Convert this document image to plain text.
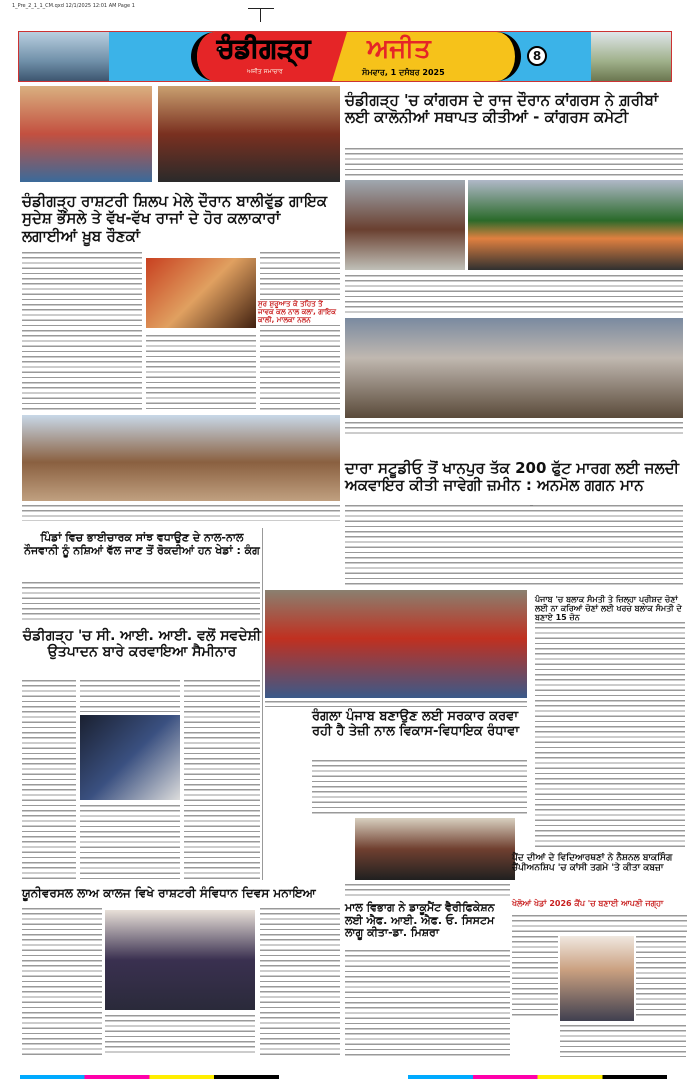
1_Pre_2_1_1_CM.qxd 12/1/2025 12:01 AM Page 1
ਚੰਡੀਗੜ੍ਹ ਅਜੀਤ
ਅਜੀਤ ਸਮਾਚਾਰ	ਸੋਮਵਾਰ, 1 ਦਸੰਬਰ 2025
8
ਚੰਡੀਗੜ੍ਹ ਰਾਸ਼ਟਰੀ ਸ਼ਿਲਪ ਮੇਲੇ ਦੌਰਾਨ ਬਾਲੀਵੁੱਡ ਗਾਇਕ ਸੁਦੇਸ਼ ਭੌਂਸਲੇ ਤੇ ਵੱਖ-ਵੱਖ ਰਾਜਾਂ ਦੇ ਹੋਰ ਕਲਾਕਾਰਾਂ ਲਗਾਈਆਂ ਖ਼ੂਬ ਰੌਣਕਾਂ
ਸੁਰ ਸ਼ੁਰੂਆਤ ਕੇ ਤਹਿਤ ਤੋਂ ਜਾਵਕ ਕਲ ਨਾਲ ਕਲਾ, ਗਾਇਕ ਕਾਲੀ, ਮਾਲਕਾ ਨਲਨ
ਪਿੰਡਾਂ ਵਿਚ ਭਾਈਚਾਰਕ ਸਾਂਝ ਵਧਾਉਣ ਦੇ ਨਾਲ-ਨਾਲ ਨੌਜਵਾਨੀ ਨੂੰ ਨਸ਼ਿਆਂ ਵੱਲ ਜਾਣ ਤੋਂ ਰੋਕਦੀਆਂ ਹਨ ਖੇਡਾਂ : ਕੰਗ
ਚੰਡੀਗੜ੍ਹ 'ਚ ਸੀ. ਆਈ. ਆਈ. ਵਲੋਂ ਸਵਦੇਸ਼ੀ ਉਤਪਾਦਨ ਬਾਰੇ ਕਰਵਾਇਆ ਸੈਮੀਨਾਰ
ਯੂਨੀਵਰਸਲ ਲਾਅ ਕਾਲਜ ਵਿਖੇ ਰਾਸ਼ਟਰੀ ਸੰਵਿਧਾਨ ਦਿਵਸ ਮਨਾਇਆ
ਚੰਡੀਗੜ੍ਹ 'ਚ ਕਾਂਗਰਸ ਦੇ ਰਾਜ ਦੌਰਾਨ ਕਾਂਗਰਸ ਨੇ ਗ਼ਰੀਬਾਂ ਲਈ ਕਾਲੋਨੀਆਂ ਸਥਾਪਤ ਕੀਤੀਆਂ - ਕਾਂਗਰਸ ਕਮੇਟੀ
ਦਾਰਾ ਸਟੂਡੀਓ ਤੋਂ ਖਾਨਪੁਰ ਤੱਕ 200 ਫੁੱਟ ਮਾਰਗ ਲਈ ਜਲਦੀ ਅਕਵਾਇਰ ਕੀਤੀ ਜਾਵੇਗੀ ਜ਼ਮੀਨ : ਅਨਮੋਲ ਗਗਨ ਮਾਨ
ਰੰਗਲਾ ਪੰਜਾਬ ਬਣਾਉਣ ਲਈ ਸਰਕਾਰ ਕਰਵਾ ਰਹੀ ਹੈ ਤੇਜ਼ੀ ਨਾਲ ਵਿਕਾਸ-ਵਿਧਾਇਕ ਰੰਧਾਵਾ
ਪੰਜਾਬ 'ਚ ਬਲਾਕ ਸੰਮਤੀ ਤੇ ਜ਼ਿਲ੍ਹਾ ਪ੍ਰੀਸ਼ਦ ਚੋਣਾਂ ਲਈ ਨਾ ਕਰਿਆਂ ਚੋਣਾਂ ਲਈ ਖਰਚ ਬਲਾਕ ਸੰਮਤੀ ਦੇ ਬਣਾਏ 15 ਜ਼ੋਨ
ਪੈਂਦ ਦੀਆਂ ਦੇ ਵਿਦਿਆਰਥਣਾਂ ਨੇ ਨੈਸ਼ਨਲ ਬਾਕਸਿੰਗ ਚੈਂਪੀਅਨਸ਼ਿਪ 'ਚ ਕਾਂਸੀ ਤਗਮੇ 'ਤੇ ਕੀਤਾ ਕਬਜ਼ਾ
ਮਾਲ ਵਿਭਾਗ ਨੇ ਡਾਕੂਮੈਂਟ ਵੈਰੀਫਿਕੇਸ਼ਨ ਲਈ ਐਫ. ਆਈ. ਐਫ. ਓ. ਸਿਸਟਮ ਲਾਗੂ ਕੀਤਾ-ਡਾ. ਮਿਸ਼ਰਾ
ਖੇਲੋਆਂ ਖੇਡਾਂ 2026 ਕੈਂਪ 'ਚ ਬਣਾਈ ਆਪਣੀ ਜਗ੍ਹਾ
